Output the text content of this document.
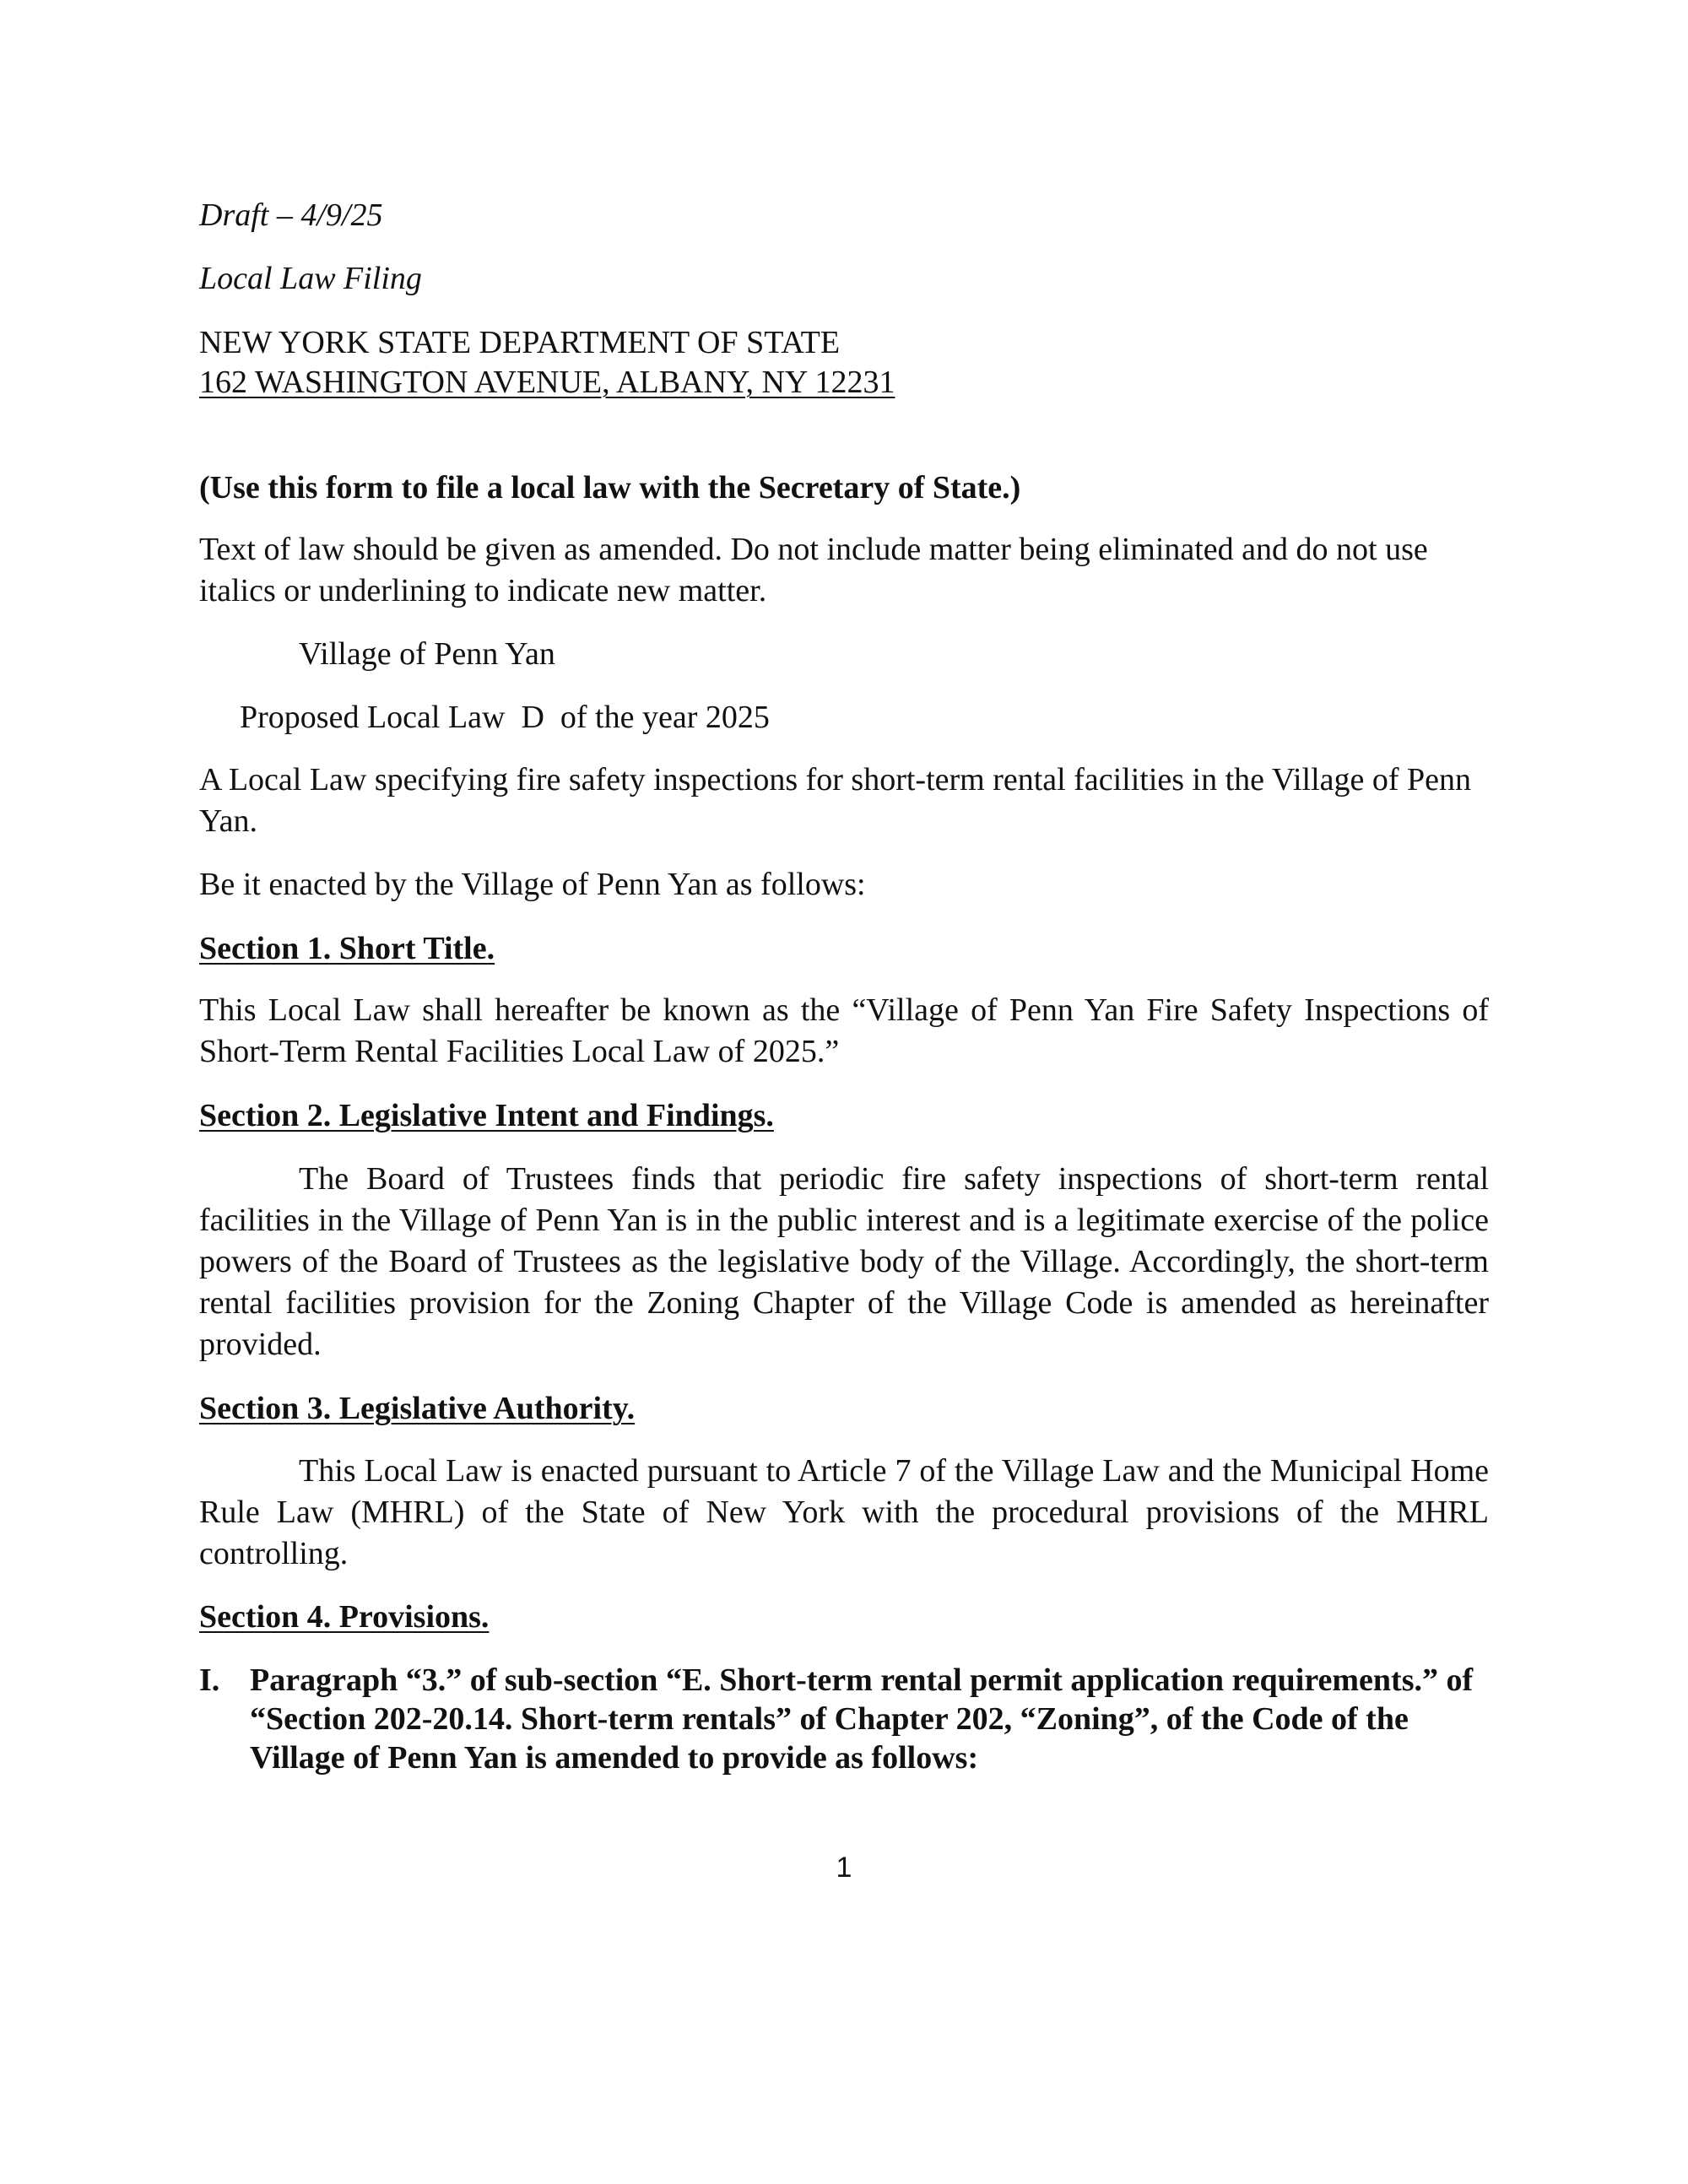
Draft – 4/9/25

Local Law Filing

NEW YORK STATE DEPARTMENT OF STATE

162 WASHINGTON AVENUE, ALBANY, NY 12231

(Use this form to file a local law with the Secretary of State.)

Text of law should be given as amended. Do not include matter being eliminated and do not use italics or underlining to indicate new matter.

Village of Penn Yan

Proposed Local Law  D  of the year 2025

A Local Law specifying fire safety inspections for short-term rental facilities in the Village of Penn Yan.

Be it enacted by the Village of Penn Yan as follows:

Section 1. Short Title.

This Local Law shall hereafter be known as the “Village of Penn Yan Fire Safety Inspections of Short-Term Rental Facilities Local Law of 2025.”

Section 2. Legislative Intent and Findings.

The Board of Trustees finds that periodic fire safety inspections of short-term rental facilities in the Village of Penn Yan is in the public interest and is a legitimate exercise of the police powers of the Board of Trustees as the legislative body of the Village. Accordingly, the short-term rental facilities provision for the Zoning Chapter of the Village Code is amended as hereinafter provided.

Section 3. Legislative Authority.

This Local Law is enacted pursuant to Article 7 of the Village Law and the Municipal Home Rule Law (MHRL) of the State of New York with the procedural provisions of the MHRL controlling.

Section 4. Provisions.

I. Paragraph “3.” of sub-section “E. Short-term rental permit application requirements.” of “Section 202-20.14. Short-term rentals” of Chapter 202, “Zoning”, of the Code of the Village of Penn Yan is amended to provide as follows:
1
